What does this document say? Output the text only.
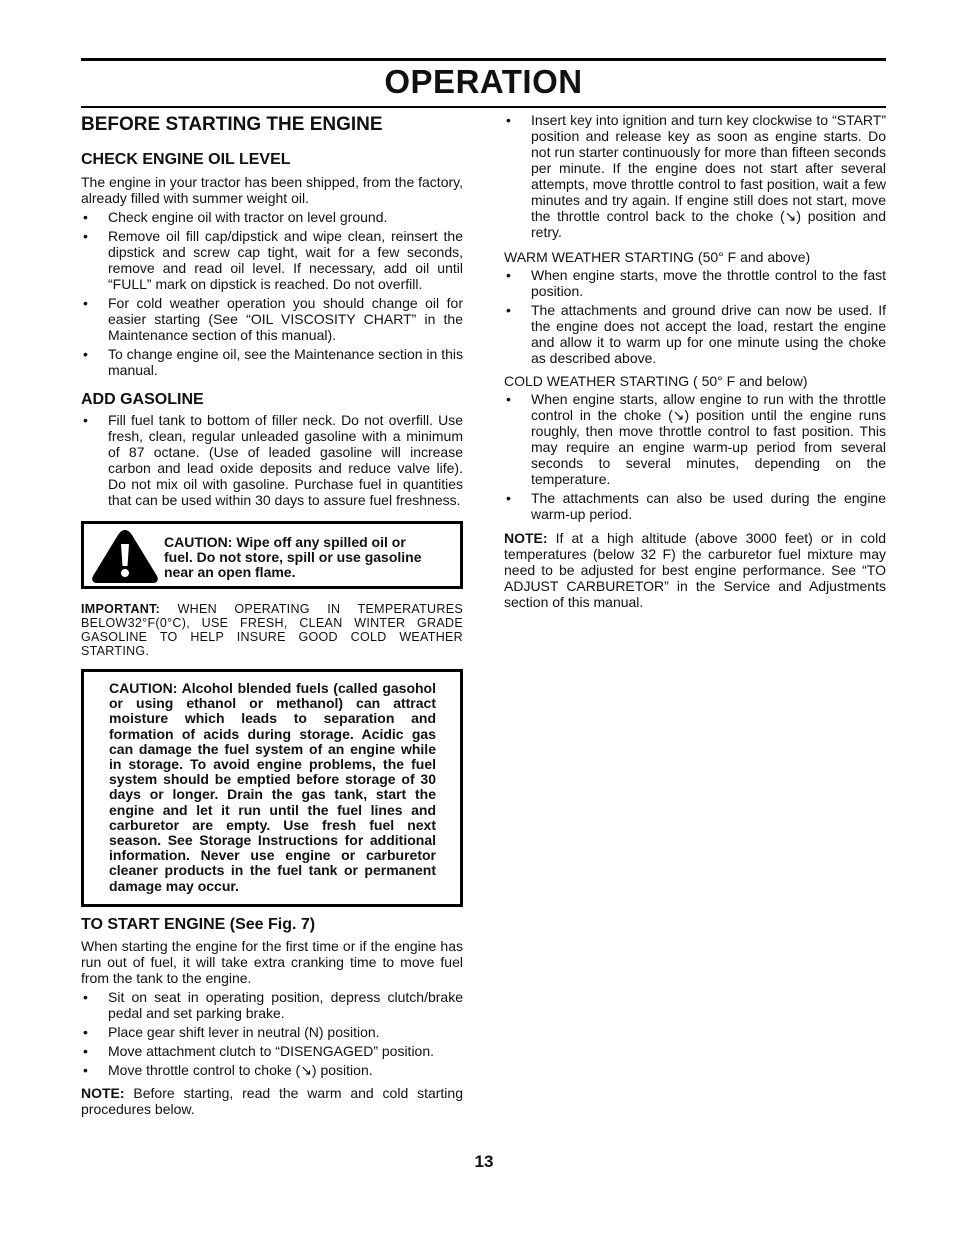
OPERATION
BEFORE STARTING THE ENGINE
CHECK ENGINE OIL LEVEL

The engine in your tractor has been shipped, from the factory, already filled with summer weight oil.

• Check engine oil with tractor on level ground.
• Remove oil fill cap/dipstick and wipe clean, reinsert the dipstick and screw cap tight, wait for a few seconds, remove and read oil level. If necessary, add oil until “FULL” mark on dipstick is reached. Do not overfill.
• For cold weather operation you should change oil for easier starting (See “OIL VISCOSITY CHART” in the Maintenance section of this manual).
• To change engine oil, see the Maintenance section in this manual.
ADD GASOLINE
• Fill fuel tank to bottom of filler neck. Do not overfill. Use fresh, clean, regular unleaded gasoline with a minimum of 87 octane. (Use of leaded gasoline will increase carbon and lead oxide deposits and reduce valve life). Do not mix oil with gasoline. Purchase fuel in quantities that can be used within 30 days to assure fuel freshness.
CAUTION: Wipe off any spilled oil or fuel. Do not store, spill or use gasoline near an open flame.

IMPORTANT: WHEN OPERATING IN TEMPERATURES BELOW32°F(0°C), USE FRESH, CLEAN WINTER GRADE GASOLINE TO HELP INSURE GOOD COLD WEATHER STARTING.

CAUTION: Alcohol blended fuels (called gasohol or using ethanol or methanol) can attract moisture which leads to separation and formation of acids during storage. Acidic gas can damage the fuel system of an engine while in storage. To avoid engine problems, the fuel system should be emptied before storage of 30 days or longer. Drain the gas tank, start the engine and let it run until the fuel lines and carburetor are empty. Use fresh fuel next season. See Storage Instructions for additional information. Never use engine or carburetor cleaner products in the fuel tank or permanent damage may occur.
TO START ENGINE (See Fig. 7)

When starting the engine for the first time or if the engine has run out of fuel, it will take extra cranking time to move fuel from the tank to the engine.

• Sit on seat in operating position, depress clutch/brake pedal and set parking brake.
• Place gear shift lever in neutral (N) position.
• Move attachment clutch to “DISENGAGED” position.
• Move throttle control to choke (↘) position.

NOTE: Before starting, read the warm and cold starting procedures below.

• Insert key into ignition and turn key clockwise to “START” position and release key as soon as engine starts. Do not run starter continuously for more than fifteen seconds per minute. If the engine does not start after several attempts, move throttle control to fast position, wait a few minutes and try again. If engine still does not start, move the throttle control back to the choke (↘) position and retry.

WARM WEATHER STARTING (50° F and above)

• When engine starts, move the throttle control to the fast position.
• The attachments and ground drive can now be used. If the engine does not accept the load, restart the engine and allow it to warm up for one minute using the choke as described above.

COLD WEATHER STARTING ( 50° F and below)

• When engine starts, allow engine to run with the throttle control in the choke (↘) position until the engine runs roughly, then move throttle control to fast position. This may require an engine warm-up period from several seconds to several minutes, depending on the temperature.
• The attachments can also be used during the engine warm-up period.

NOTE: If at a high altitude (above 3000 feet) or in cold temperatures (below 32 F) the carburetor fuel mixture may need to be adjusted for best engine performance. See “TO ADJUST CARBURETOR” in the Service and Adjustments section of this manual.

13
